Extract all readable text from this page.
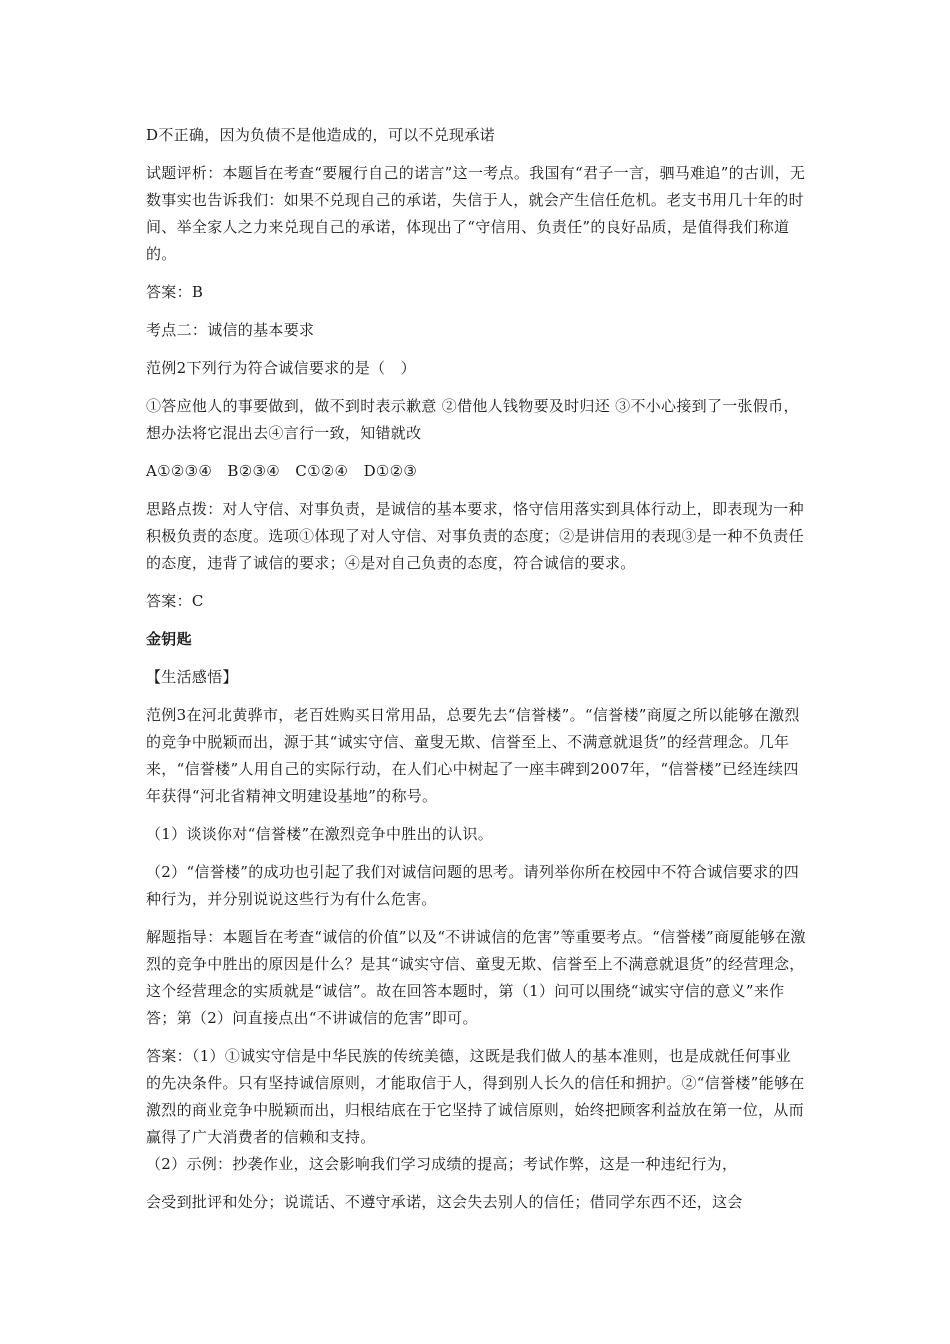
D不正确，因为负债不是他造成的，可以不兑现承诺

试题评析：本题旨在考查“要履行自己的诺言”这一考点。我国有“君子一言，驷马难追”的古训，无数事实也告诉我们：如果不兑现自己的承诺，失信于人，就会产生信任危机。老支书用几十年的时间、举全家人之力来兑现自己的承诺，体现出了“守信用、负责任”的良好品质，是值得我们称道的。

答案：B

考点二：诚信的基本要求

范例2下列行为符合诚信要求的是（　）

①答应他人的事要做到，做不到时表示歉意 ②借他人钱物要及时归还 ③不小心接到了一张假币，想办法将它混出去④言行一致，知错就改

A①②③④　B②③④　C①②④　D①②③

思路点拨：对人守信、对事负责，是诚信的基本要求，恪守信用落实到具体行动上，即表现为一种积极负责的态度。选项①体现了对人守信、对事负责的态度；②是讲信用的表现③是一种不负责任的态度，违背了诚信的要求；④是对自己负责的态度，符合诚信的要求。

答案：C

金钥匙

【生活感悟】

范例3在河北黄骅市，老百姓购买日常用品，总要先去“信誉楼”。“信誉楼”商厦之所以能够在激烈的竞争中脱颖而出，源于其“诚实守信、童叟无欺、信誉至上、不满意就退货”的经营理念。几年来，“信誉楼”人用自己的实际行动，在人们心中树起了一座丰碑到2007年，“信誉楼”已经连续四年获得“河北省精神文明建设基地”的称号。

（1）谈谈你对“信誉楼”在激烈竞争中胜出的认识。

（2）“信誉楼”的成功也引起了我们对诚信问题的思考。请列举你所在校园中不符合诚信要求的四种行为，并分别说说这些行为有什么危害。

解题指导：本题旨在考查“诚信的价值”以及“不讲诚信的危害”等重要考点。“信誉楼”商厦能够在激烈的竞争中胜出的原因是什么？是其“诚实守信、童叟无欺、信誉至上不满意就退货”的经营理念，这个经营理念的实质就是“诚信”。故在回答本题时，第（1）问可以围绕“诚实守信的意义”来作答；第（2）问直接点出“不讲诚信的危害”即可。

答案：（1）①诚实守信是中华民族的传统美德，这既是我们做人的基本准则，也是成就任何事业的先决条件。只有坚持诚信原则，才能取信于人，得到别人长久的信任和拥护。②“信誉楼”能够在激烈的商业竞争中脱颖而出，归根结底在于它坚持了诚信原则，始终把顾客利益放在第一位，从而赢得了广大消费者的信赖和支持。

（2）示例：抄袭作业，这会影响我们学习成绩的提高；考试作弊，这是一种违纪行为，

会受到批评和处分；说谎话、不遵守承诺，这会失去别人的信任；借同学东西不还，这会
